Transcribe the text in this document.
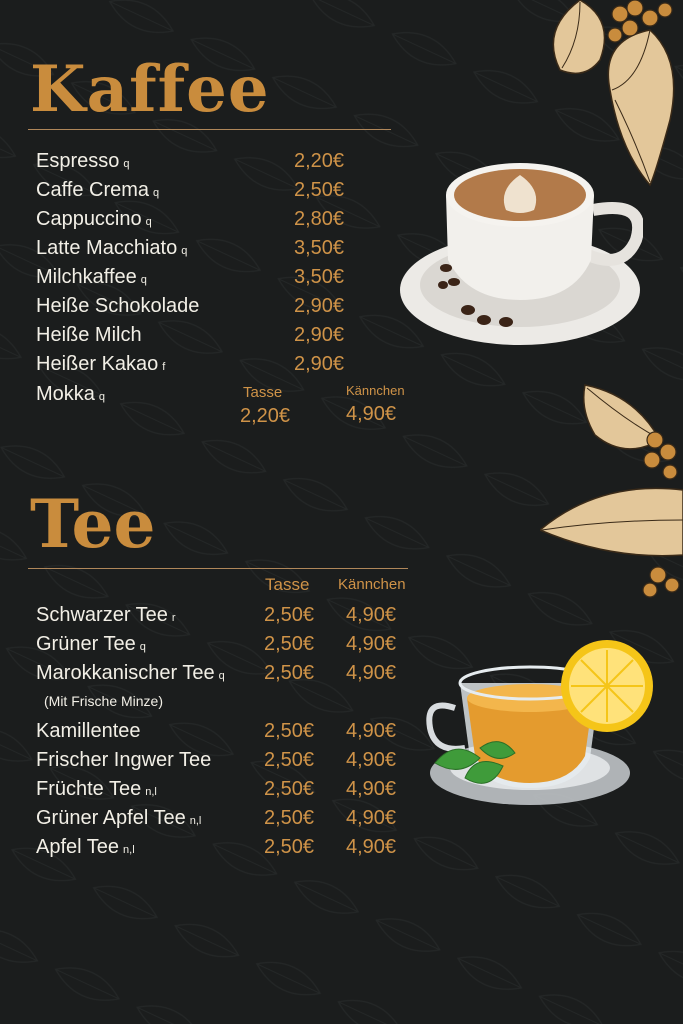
Kaffee
Espresso q	2,20€
Caffe Crema q	2,50€
Cappuccino q	2,80€
Latte Macchiato q	3,50€
Milchkaffee q	3,50€
Heiße Schokolade	2,90€
Heiße Milch	2,90€
Heißer Kakao f	2,90€
Mokka q	Tasse	Kännchen
2,20€	4,90€
Tee
Tasse Kännchen
Schwarzer Tee r	2,50€ 4,90€
Grüner Tee q	2,50€ 4,90€
Marokkanischer Tee q 2,50€ 4,90€
(Mit Frische Minze)
Kamillentee	2,50€ 4,90€
Frischer Ingwer Tee	2,50€ 4,90€
Früchte Tee n,l	2,50€ 4,90€
Grüner Apfel Tee n,l	2,50€ 4,90€
Apfel Tee n,l	2,50€ 4,90€
